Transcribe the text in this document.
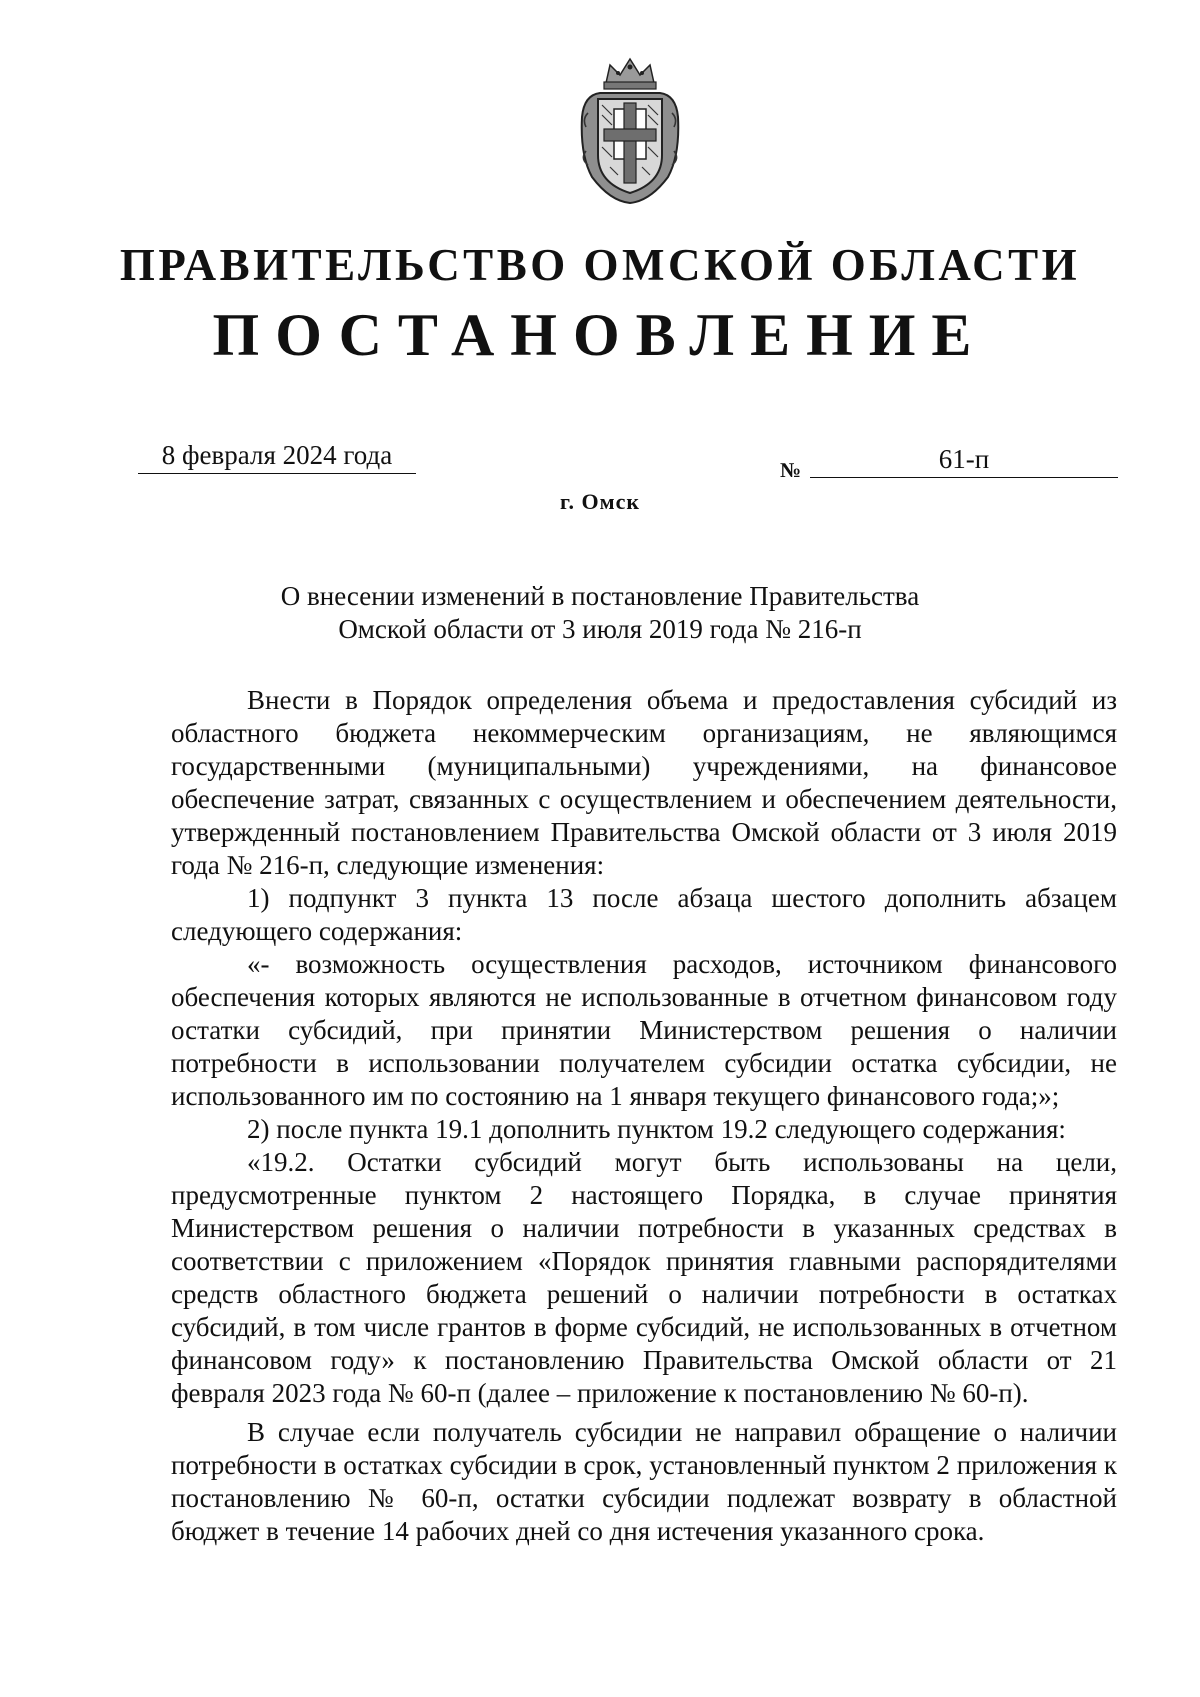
ПРАВИТЕЛЬСТВО ОМСКОЙ ОБЛАСТИ
ПОСТАНОВЛЕНИЕ
8 февраля 2024 года	№	61-п
г. Омск
О внесении изменений в постановление Правительства
Омской области от 3 июля 2019 года № 216-п

Внести в Порядок определения объема и предоставления субсидий из областного бюджета некоммерческим организациям, не являющимся государственными (муниципальными) учреждениями, на финансовое обеспечение затрат, связанных с осуществлением и обеспечением деятельности, утвержденный постановлением Правительства Омской области от 3 июля 2019 года № 216-п, следующие изменения:

1) подпункт 3 пункта 13 после абзаца шестого дополнить абзацем следующего содержания:

«- возможность осуществления расходов, источником финансового обеспечения которых являются не использованные в отчетном финансовом году остатки субсидий, при принятии Министерством решения о наличии потребности в использовании получателем субсидии остатка субсидии, не использованного им по состоянию на 1 января текущего финансового года;»;

2) после пункта 19.1 дополнить пунктом 19.2 следующего содержания:

«19.2. Остатки субсидий могут быть использованы на цели, предусмотренные пунктом 2 настоящего Порядка, в случае принятия Министерством решения о наличии потребности в указанных средствах в соответствии с приложением «Порядок принятия главными распорядителями средств областного бюджета решений о наличии потребности в остатках субсидий, в том числе грантов в форме субсидий, не использованных в отчетном финансовом году» к постановлению Правительства Омской области от 21 февраля 2023 года № 60-п (далее – приложение к постановлению № 60-п).

В случае если получатель субсидии не направил обращение о наличии потребности в остатках субсидии в срок, установленный пунктом 2 приложения к постановлению № 60-п, остатки субсидии подлежат возврату в областной бюджет в течение 14 рабочих дней со дня истечения указанного срока.
